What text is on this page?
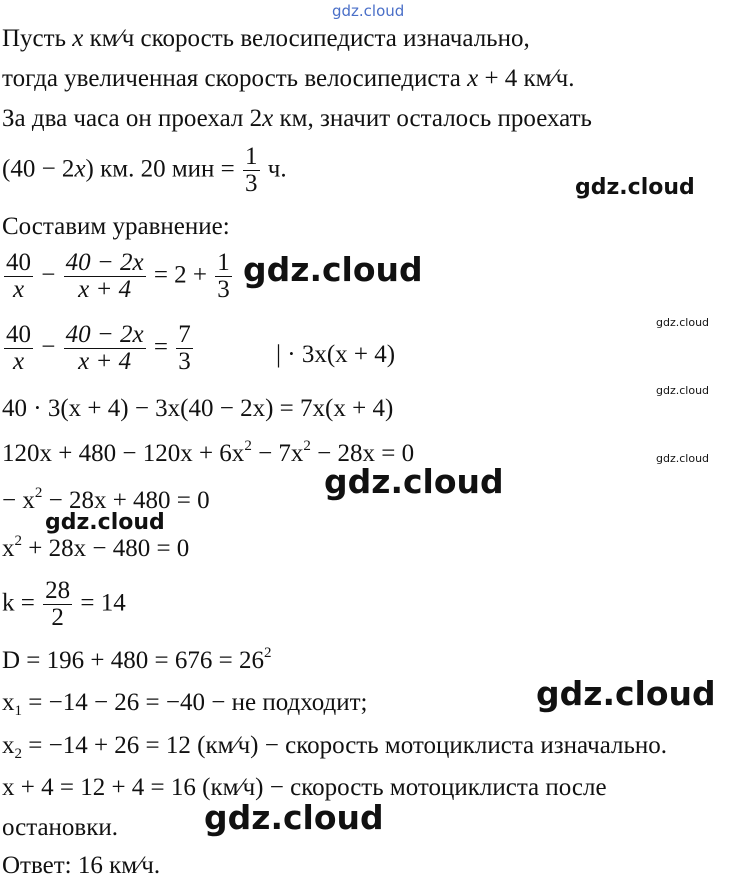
gdz.cloud
Пусть x км⁄ч скорость велосипедиста изначально,
тогда увеличенная скорость велосипедиста x + 4 км⁄ч.
За два часа он проехал 2x км, значит осталось проехать
(40 − 2x) км. 20 мин = $\frac{1}{3} ч$.
gdz.cloud
Составим уравнение:
$\frac{40}{x} - \frac{40 - 2x}{x + 4} = 2 + \frac{1}{3}$ gdz.cloud
gdz.cloud
$\frac{40}{x} - \frac{40 - 2x}{x + 4} = \frac{7}{3}$	| · 3x(x + 4)
gdz.cloud
40 · 3(x + 4) − 3x(40 − 2x) = 7x(x + 4)
gdz.cloud
$120x + 480 - 120x + 6x^2 - 7x^2 - 28x = 0$
gdz.cloud
− $x^2 - 28x + 480 = 0$
gdz.cloud
$x^2 + 28x - 480 = 0$
$k = \frac{28}{2} = 14$
$D = 196 + 480 = 676 = 26^2$
gdz.cloud
$x_1 = -14 - 26 = -40$ − не подходит;
$x_2 = -14 + 26 = 12$ (км⁄ч) − скорость мотоциклиста изначально.
x + 4 = 12 + 4 = 16 (км⁄ч) − скорость мотоциклиста после
gdz.cloud
остановки.
Ответ: 16 км⁄ч.
